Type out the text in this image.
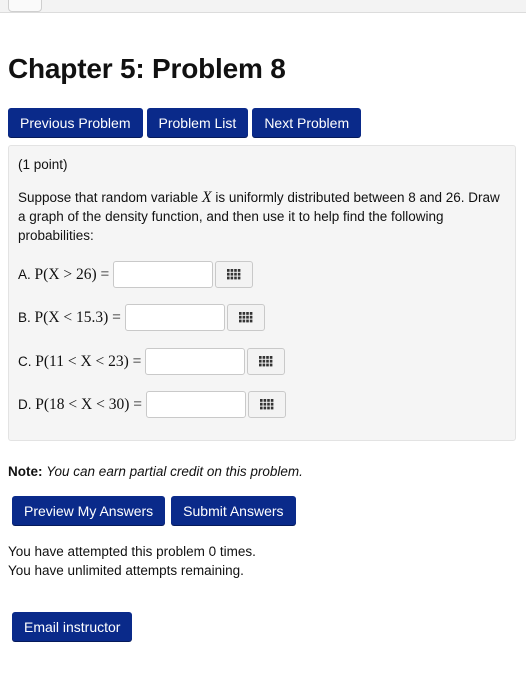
Chapter 5: Problem 8
Previous Problem	Problem List	Next Problem
(1 point)
Suppose that random variable X is uniformly distributed between 8 and 26. Draw a graph of the density function, and then use it to help find the following probabilities:
A. P(X > 26) =
B. P(X < 15.3) =
C. P(11 < X < 23) =
D. P(18 < X < 30) =
Note: You can earn partial credit on this problem.
Preview My Answers	Submit Answers
You have attempted this problem 0 times.
You have unlimited attempts remaining.
Email instructor
